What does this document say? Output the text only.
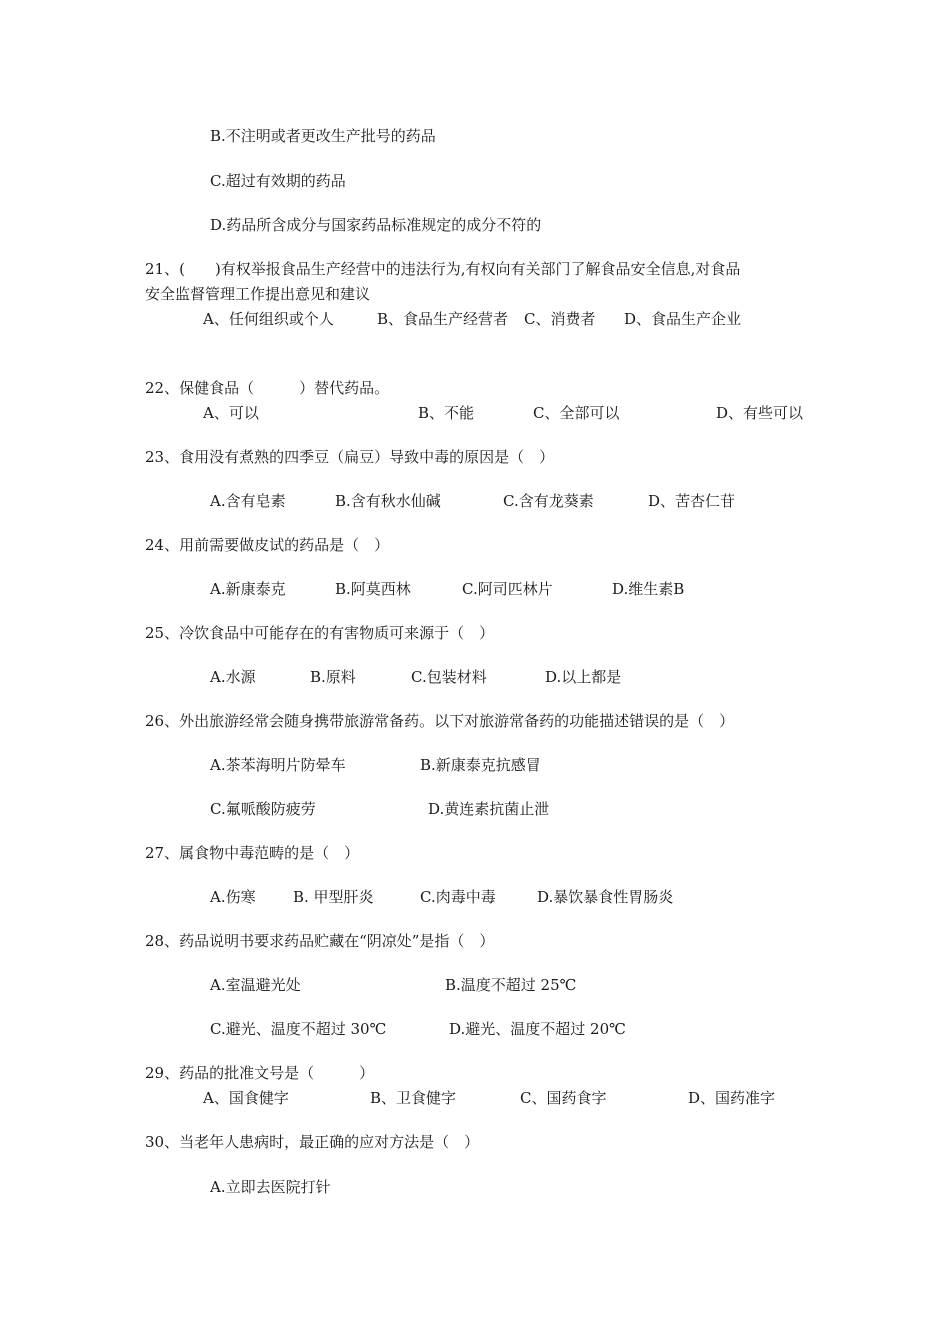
B.不注明或者更改生产批号的药品
C.超过有效期的药品
D.药品所含成分与国家药品标准规定的成分不符的
21、(　　)有权举报食品生产经营中的违法行为,有权向有关部门了解食品安全信息,对食品
安全监督管理工作提出意见和建议
A、任何组织或个人	B、食品生产经营者 C、消费者 D、食品生产企业
22、保健食品（　　　）替代药品。
A、可以	B、不能	C、全部可以	D、有些可以
23、食用没有煮熟的四季豆（扁豆）导致中毒的原因是（　）
A.含有皂素	B.含有秋水仙碱	C.含有龙葵素	D、苦杏仁苷
24、用前需要做皮试的药品是（　）
A.新康泰克	B.阿莫西林	C.阿司匹林片	D.维生素B
25、冷饮食品中可能存在的有害物质可来源于（　）
A.水源	B.原料	C.包装材料	D.以上都是
26、外出旅游经常会随身携带旅游常备药。以下对旅游常备药的功能描述错误的是（　）
A.茶苯海明片防晕车	B.新康泰克抗感冒
C.氟哌酸防疲劳	D.黄连素抗菌止泄
27、属食物中毒范畴的是（　）
A.伤寒 B. 甲型肝炎	C.肉毒中毒	D.暴饮暴食性胃肠炎
28、药品说明书要求药品贮藏在“阴凉处”是指（　）
A.室温避光处	B.温度不超过 25℃
C.避光、温度不超过 30℃	D.避光、温度不超过 20℃
29、药品的批准文号是（　　　）
A、国食健字	B、卫食健字	C、国药食字	D、国药准字
30、当老年人患病时，最正确的应对方法是（　）
A.立即去医院打针
